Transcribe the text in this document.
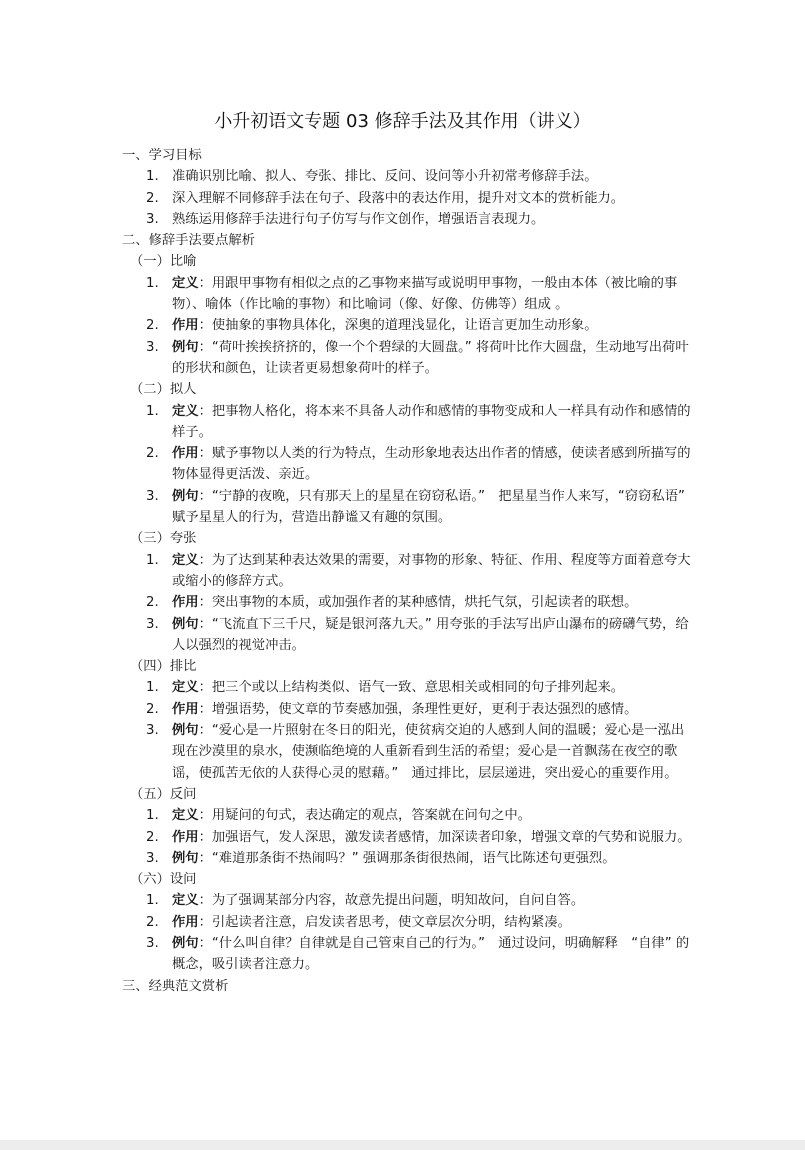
小升初语文专题 03 修辞手法及其作用（讲义）
一、学习目标
1.	准确识别比喻、拟人、夸张、排比、反问、设问等小升初常考修辞手法。
2.	深入理解不同修辞手法在句子、段落中的表达作用，提升对文本的赏析能力。
3.	熟练运用修辞手法进行句子仿写与作文创作，增强语言表现力。
二、修辞手法要点解析
（一）比喻
1.	定义：用跟甲事物有相似之点的乙事物来描写或说明甲事物，一般由本体（被比喻的事物）、喻体（作比喻的事物）和比喻词（像、好像、仿佛等）组成 。
2.	作用：使抽象的事物具体化，深奥的道理浅显化，让语言更加生动形象。
3.	例句：“荷叶挨挨挤挤的，像一个个碧绿的大圆盘。” 将荷叶比作大圆盘，生动地写出荷叶的形状和颜色，让读者更易想象荷叶的样子。
（二）拟人
1.	定义：把事物人格化，将本来不具备人动作和感情的事物变成和人一样具有动作和感情的样子。
2.	作用：赋予事物以人类的行为特点，生动形象地表达出作者的情感，使读者感到所描写的物体显得更活泼、亲近。
3.	例句：“宁静的夜晚，只有那天上的星星在窃窃私语。”　把星星当作人来写，“窃窃私语” 赋予星星人的行为，营造出静谧又有趣的氛围。
（三）夸张
1.	定义：为了达到某种表达效果的需要，对事物的形象、特征、作用、程度等方面着意夸大或缩小的修辞方式。
2.	作用：突出事物的本质，或加强作者的某种感情，烘托气氛，引起读者的联想。
3.	例句：“飞流直下三千尺，疑是银河落九天。” 用夸张的手法写出庐山瀑布的磅礴气势，给人以强烈的视觉冲击。
（四）排比
1.	定义：把三个或以上结构类似、语气一致、意思相关或相同的句子排列起来。
2.	作用：增强语势，使文章的节奏感加强，条理性更好，更利于表达强烈的感情。
3.	例句：“爱心是一片照射在冬日的阳光，使贫病交迫的人感到人间的温暖；爱心是一泓出现在沙漠里的泉水，使濒临绝境的人重新看到生活的希望；爱心是一首飘荡在夜空的歌谣，使孤苦无依的人获得心灵的慰藉。”　通过排比，层层递进，突出爱心的重要作用。
（五）反问
1.	定义：用疑问的句式，表达确定的观点，答案就在问句之中。
2.	作用：加强语气，发人深思，激发读者感情，加深读者印象，增强文章的气势和说服力。
3.	例句：“难道那条街不热闹吗？” 强调那条街很热闹，语气比陈述句更强烈。
（六）设问
1.	定义：为了强调某部分内容，故意先提出问题，明知故问，自问自答。
2.	作用：引起读者注意，启发读者思考，使文章层次分明，结构紧凑。
3.	例句：“什么叫自律？自律就是自己管束自己的行为。”　通过设问，明确解释　“自律” 的概念，吸引读者注意力。
三、经典范文赏析
